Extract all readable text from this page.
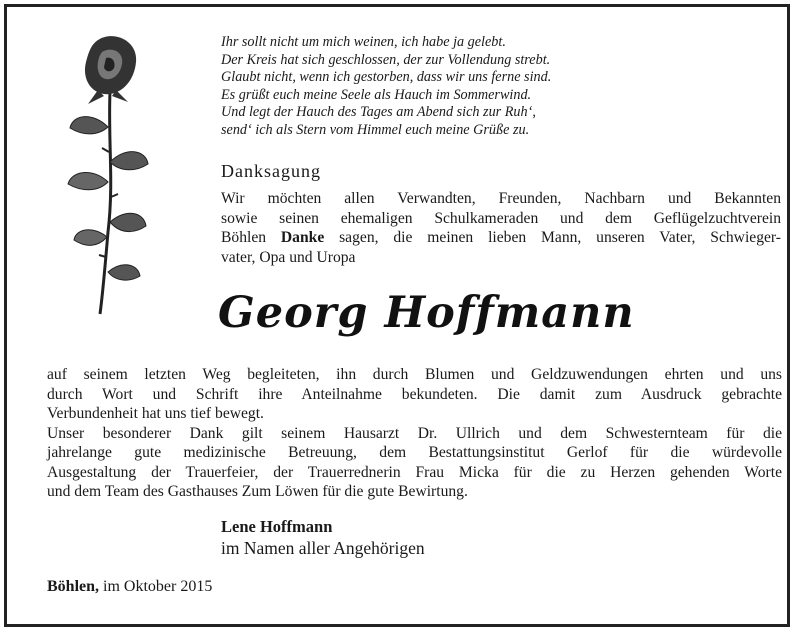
Ihr sollt nicht um mich weinen, ich habe ja gelebt.
Der Kreis hat sich geschlossen, der zur Vollendung strebt.
Glaubt nicht, wenn ich gestorben, dass wir uns ferne sind.
Es grüßt euch meine Seele als Hauch im Sommerwind.
Und legt der Hauch des Tages am Abend sich zur Ruh‘,
send‘ ich als Stern vom Himmel euch meine Grüße zu.
Danksagung
Wir möchten allen Verwandten, Freunden, Nachbarn und Bekannten
sowie seinen ehemaligen Schulkameraden und dem Geflügelzuchtverein
Böhlen Danke sagen, die meinen lieben Mann, unseren Vater, Schwieger-
vater, Opa und Uropa
Georg Hoffmann
auf seinem letzten Weg begleiteten, ihn durch Blumen und Geldzuwendungen ehrten und uns
durch Wort und Schrift ihre Anteilnahme bekundeten. Die damit zum Ausdruck gebrachte
Verbundenheit hat uns tief bewegt.
Unser besonderer Dank gilt seinem Hausarzt Dr. Ullrich und dem Schwesternteam für die
jahrelange gute medizinische Betreuung, dem Bestattungsinstitut Gerlof für die würdevolle
Ausgestaltung der Trauerfeier, der Trauerrednerin Frau Micka für die zu Herzen gehenden Worte
und dem Team des Gasthauses Zum Löwen für die gute Bewirtung.
Lene Hoffmann
im Namen aller Angehörigen
Böhlen, im Oktober 2015
